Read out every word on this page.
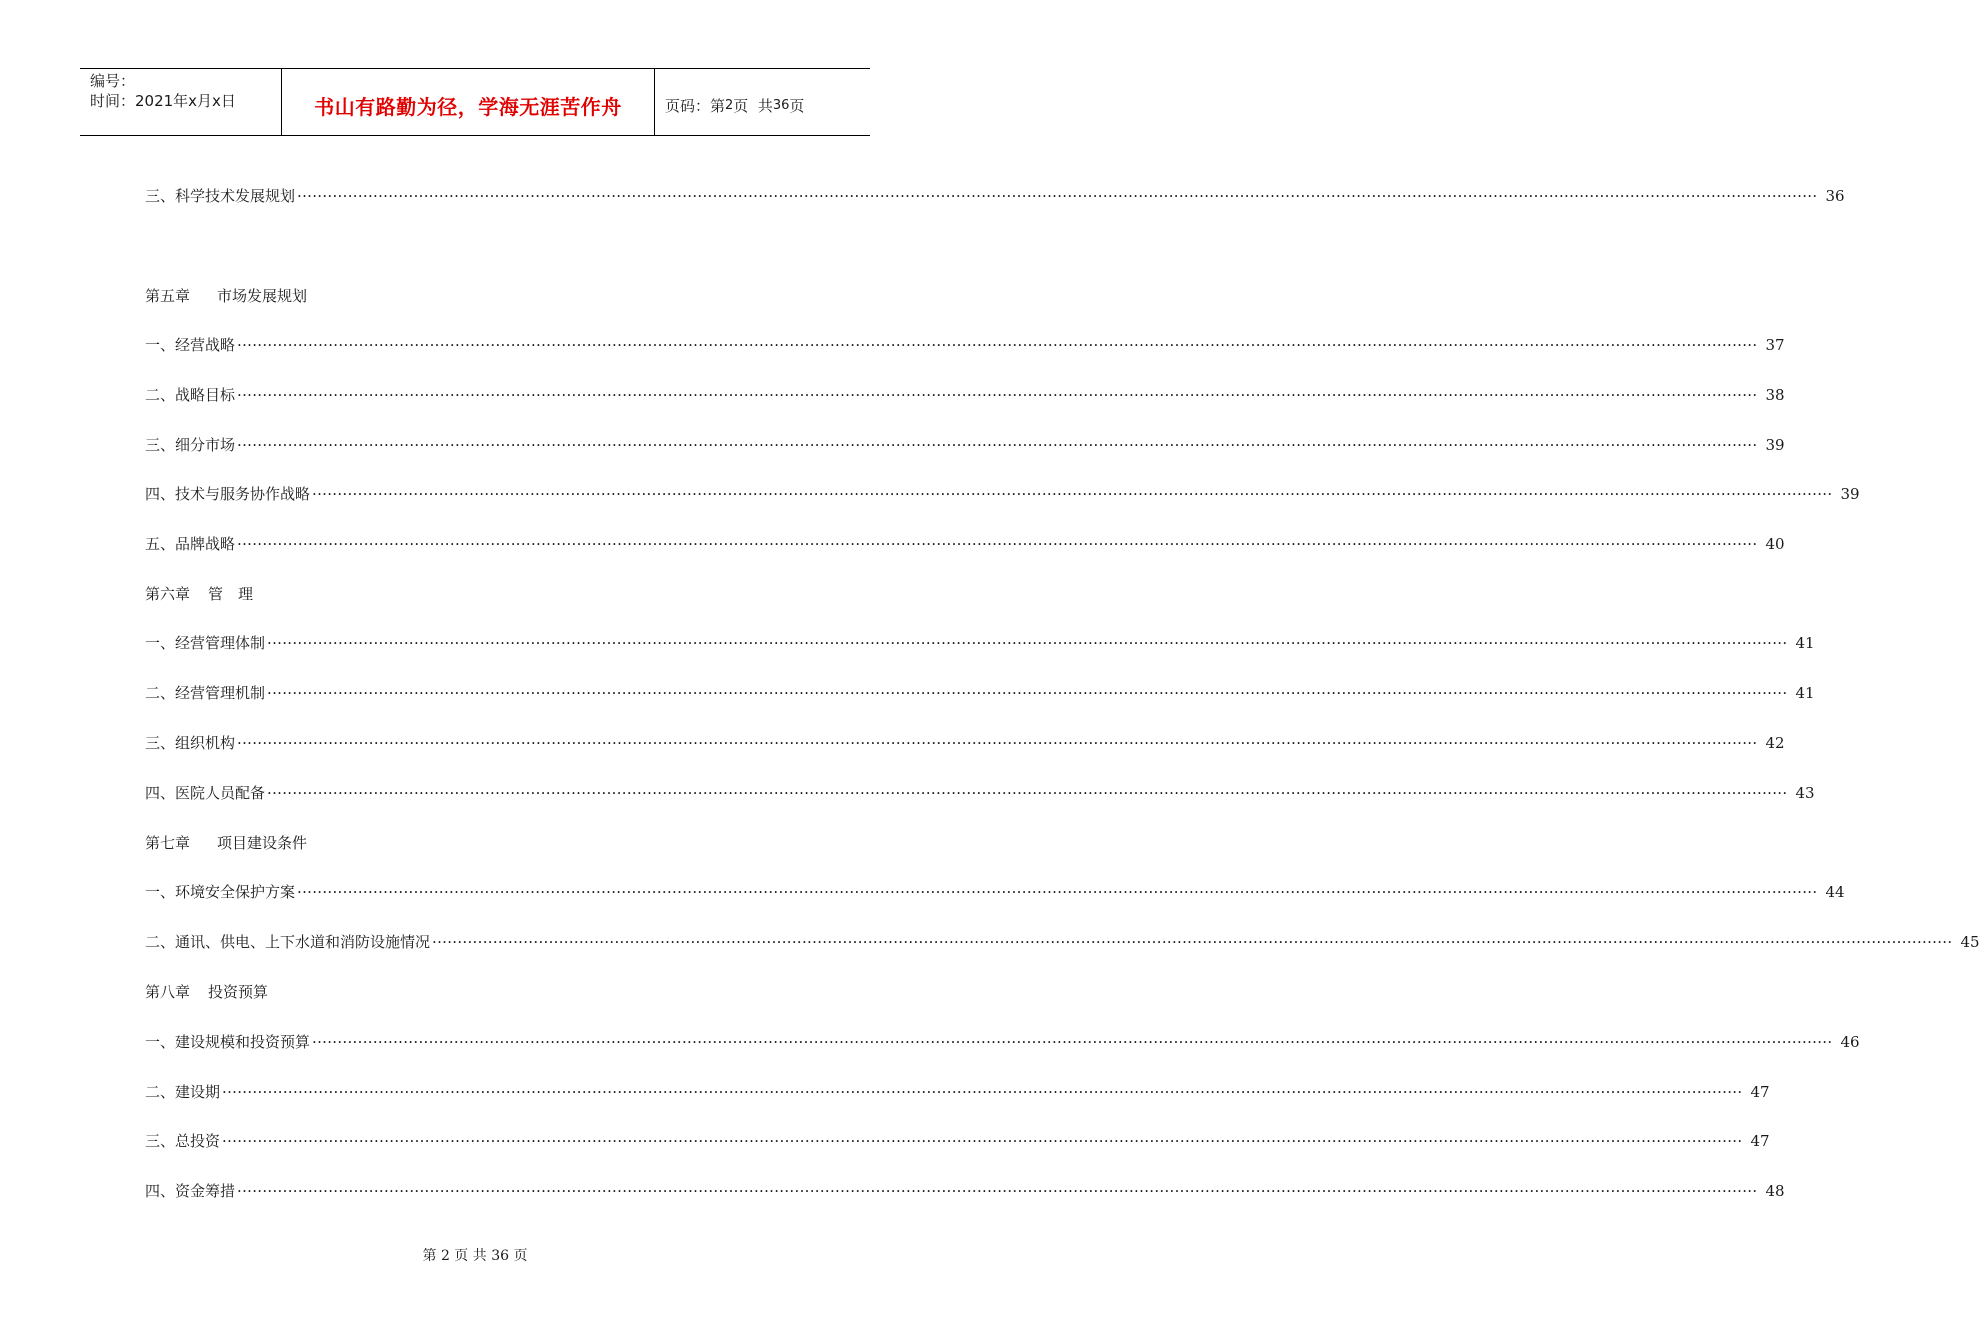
编号：
时间：2021年x月x日	书山有路勤为径，学海无涯苦作舟	页码：第 2 页  共 36 页
三、科学技术发展规划 ············································································································································································································································································································ 36
第五章 市场发展规划
一、经营战略 ············································································································································································································································································································ 37
二、战略目标 ············································································································································································································································································································ 38
三、细分市场 ············································································································································································································································································································ 39
四、技术与服务协作战略 ············································································································································································································································································································ 39
五、品牌战略 ············································································································································································································································································································ 40
第六章 管　理
一、经营管理体制 ············································································································································································································································································································ 41
二、经营管理机制 ············································································································································································································································································································ 41
三、组织机构 ············································································································································································································································································································ 42
四、医院人员配备 ············································································································································································································································································································ 43
第七章 项目建设条件
一、环境安全保护方案 ············································································································································································································································································································ 44
二、通讯、供电、上下水道和消防设施情况 ············································································································································································································································································································ 45
第八章 投资预算
一、建设规模和投资预算 ············································································································································································································································································································ 46
二、建设期 ············································································································································································································································································································ 47
三、总投资 ············································································································································································································································································································ 47
四、资金筹措 ············································································································································································································································································································ 48
第 2 页 共 36 页
